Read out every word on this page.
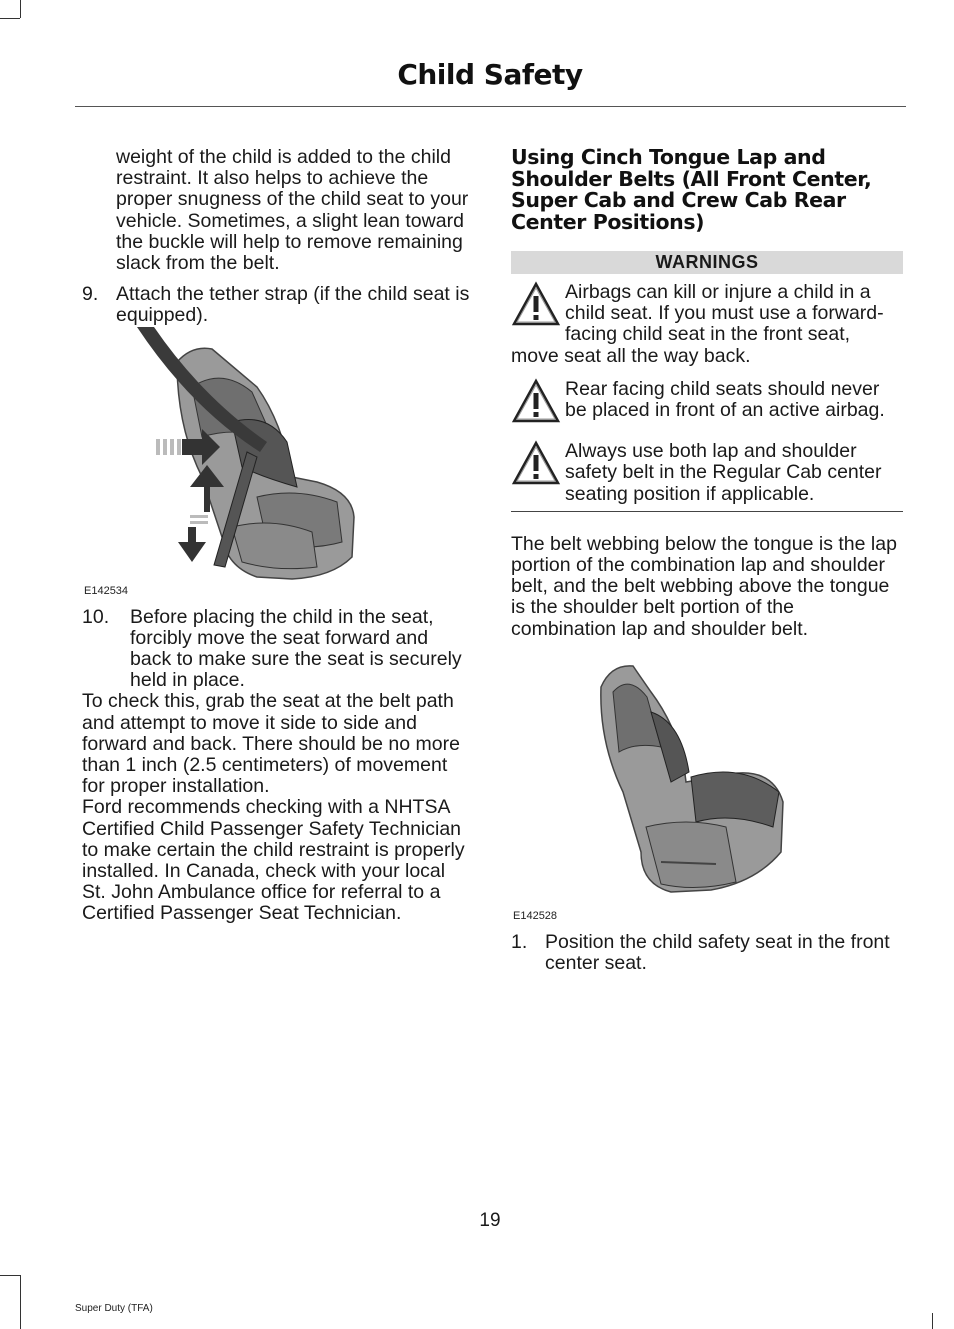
Child Safety

weight of the child is added to the child restraint. It also helps to achieve the proper snugness of the child seat to your vehicle. Sometimes, a slight lean toward the buckle will help to remove remaining slack from the belt.

9. Attach the tether strap (if the child seat is equipped).
E142534
10.	Before placing the child in the seat, forcibly move the seat forward and back to make sure the seat is securely held in place.

To check this, grab the seat at the belt path and attempt to move it side to side and forward and back. There should be no more than 1 inch (2.5 centimeters) of movement for proper installation.

Ford recommends checking with a NHTSA Certified Child Passenger Safety Technician to make certain the child restraint is properly installed. In Canada, check with your local St. John Ambulance office for referral to a Certified Passenger Seat Technician.

Using Cinch Tongue Lap and Shoulder Belts (All Front Center, Super Cab and Crew Cab Rear Center Positions)
WARNINGS

Airbags can kill or injure a child in a child seat. If you must use a forward-facing child seat in the front seat, move seat all the way back.

Rear facing child seats should never be placed in front of an active airbag.

Always use both lap and shoulder safety belt in the Regular Cab center seating position if applicable.

The belt webbing below the tongue is the lap portion of the combination lap and shoulder belt, and the belt webbing above the tongue is the shoulder belt portion of the combination lap and shoulder belt.

E142528
1. Position the child safety seat in the front center seat.
19
Super Duty (TFA)
